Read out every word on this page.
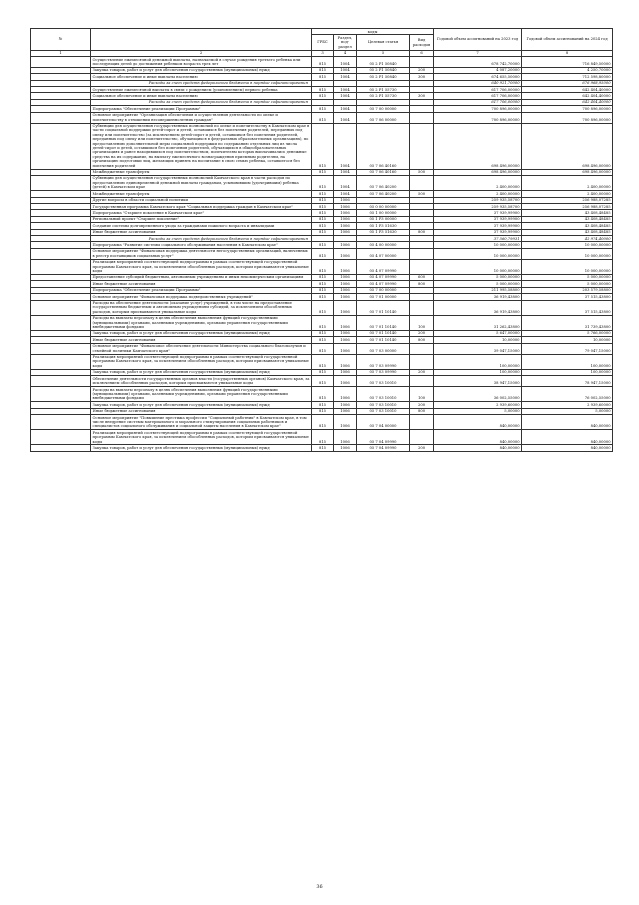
№		коды				Годовой объем ассигнований на 2023 год	Годовой объем ассигнований на 2024 год
		ГРБС	Раздел, под-раздел	Целевая статья	Вид расходов		
1	2	3	4	5	6	7	8
	Осуществление ежемесячной денежной выплаты, назначаемой в случае рождения третьего ребенка или последующих детей до достижения ребенком возраста трех лет	815	1004	05 2 P1 50840		678 742,70000	716 849,50000
	Закупка товаров, работ и услуг для обеспечения государственных (муниципальных) нужд	815	1004	05 2 P1 50840	200	4 087,20000	4 250,70000
	Социальное обеспечение и иные выплаты населению	815	1004	05 2 P1 50840	300	674 655,50000	712 598,80000
	Расходы за счет средств федерального бюджета в порядке софинансирования					640 921,70000	676 968,95000
	Осуществление ежемесячной выплаты в связи с рождением (усыновлением) первого ребенка	815	1004	05 2 P1 55730		617 706,00000	642 404,40000
	Социальное обеспечение и иные выплаты населению	815	1004	05 2 P1 55730	300	617 706,00000	642 404,40000
	Расходы за счет средств федерального бюджета в порядке софинансирования					617 706,00000	642 404,40000
	Подпрограмма "Обеспечение реализации Программы"	815	1004	05 7 00 00000		700 896,00000	700 896,00000
	Основное мероприятие "Организация обеспечения и осуществления деятельности по опеке и попечительству в отношении несовершеннолетних граждан"	815	1004	05 7 06 00000		700 896,00000	700 896,00000
	Субвенции для осуществления государственных полномочий по опеке и попечительству в Камчатском крае в части социальной поддержки детей-сирот и детей, оставшихся без попечения родителей, переданных под опеку или попечительство (за исключением детей-сирот и детей, оставшихся без попечения родителей, переданных под опеку или попечительство, обучающихся в федеральных образовательных организациях), по предоставлению дополнительной меры социальной поддержки по содержанию отдельных лиц из числа детей-сирот и детей, оставшихся без попечения родителей, обучающихся в общеобразовательных организациях и ранее находившихся под попечительством, попечителям которых выплачивались денежные средства на их содержание, на выплату ежемесячного вознаграждения приемным родителям, на организацию подготовки лиц, желающих принять на воспитание в свою семью ребенка, оставшегося без попечения родителей	815	1004	05 7 06 40160		698 496,00000	698 496,00000
	Межбюджетные трансферты	815	1004	05 7 06 40160	500	698 496,00000	698 496,00000
	Субвенции для осуществления государственных полномочий Камчатского края в части расходов по предоставлению единовременной денежной выплаты гражданам, усыновившим (удочерившим) ребенка (детей) в Камчатском крае	815	1004	05 7 06 40200		2 400,00000	2 400,00000
	Межбюджетные трансферты	815	1004	05 7 06 40200	500	2 400,00000	2 400,00000
	Другие вопросы в области социальной политики	815	1006			259 935,58700	256 988,07285
	Государственная программа Камчатского края "Социальная поддержка граждан в Камчатском крае"	815	1006	05 0 00 00000		259 935,58700	256 988,07285
	Подпрограмма "Старшее поколение в Камчатском крае"	815	1006	05 1 00 00000		37 939,99900	43 408,48485
	Региональный проект "Старшее поколение"	815	1006	05 1 P3 00000		37 939,99900	43 408,48485
	Создание системы долговременного ухода за гражданами пожилого возраста и инвалидами	815	1006	05 1 P3 51630		37 939,99900	43 408,48485
	Иные бюджетные ассигнования	815	1006	05 1 P3 51630	800	37 939,99900	43 408,48485
	Расходы за счет средств федерального бюджета в порядке софинансирования					37 560,79931	42 974,40000
	Подпрограмма "Развитие системы социального обслуживания населения в Камчатском крае"	815	1006	05 4 00 00000		10 000,00000	10 000,00000
	Основное мероприятие "Финансовая поддержка деятельности негосударственных организаций, включенных в реестр поставщиков социальных услуг"	815	1006	05 4 07 00000		10 000,00000	10 000,00000
	Реализация мероприятий соответствующей подпрограммы в рамках соответствующей государственной программы Камчатского края, за исключением обособленных расходов, которым присваиваются уникальные коды	815	1006	05 4 07 09990		10 000,00000	10 000,00000
	Предоставление субсидий бюджетным, автономным учреждениям и иным некоммерческим организациям	815	1006	05 4 07 09990	600	5 000,00000	5 000,00000
	Иные бюджетные ассигнования	815	1006	05 4 07 09990	800	5 000,00000	5 000,00000
	Подпрограмма "Обеспечение реализации Программы"	815	1006	05 7 00 00000		211 995,58800	203 579,58800
	Основное мероприятие "Финансовая поддержка подведомственных учреждений"	815	1006	05 7 01 00000		36 919,43800	37 515,43800
	Расходы на обеспечение деятельности (оказание услуг) учреждений, в том числе на предоставление государственным бюджетным и автономным учреждениям субсидий, за исключением обособленных расходов, которым присваиваются уникальные коды	815	1006	05 7 01 10140		36 919,43800	37 515,43800
	Расходы на выплаты персоналу в целях обеспечения выполнения функций государственными (муниципальными) органами, казенными учреждениями, органами управления государственными внебюджетными фондами	815	1006	05 7 01 10140	100	31 262,43800	31 739,43800
	Закупка товаров, работ и услуг для обеспечения государственных (муниципальных) нужд	815	1006	05 7 01 10140	200	5 647,00000	5 766,00000
	Иные бюджетные ассигнования	815	1006	05 7 01 10140	800	10,00000	10,00000
	Основное мероприятие "Финансовое обеспечение деятельности Министерства социального благополучия и семейной политики Камчатского края"	815	1006	05 7 03 00000		39 047,15000	79 047,15000
	Реализация мероприятий соответствующей подпрограммы в рамках соответствующей государственной программы Камчатского края, за исключением обособленных расходов, которым присваиваются уникальные коды	815	1006	05 7 03 09990		100,00000	100,00000
	Закупка товаров, работ и услуг для обеспечения государственных (муниципальных) нужд	815	1006	05 7 03 09990	200	100,00000	100,00000
	Обеспечение деятельности государственных органов власти (государственных органов) Камчатского края, за исключением обособленных расходов, которым присваиваются уникальные коды	815	1006	05 7 03 10010		38 947,15000	78 947,15000
	Расходы на выплаты персоналу в целях обеспечения выполнения функций государственными (муниципальными) органами, казенными учреждениями, органами управления государственными внебюджетными фондами	815	1006	05 7 03 10010	100	36 002,55000	76 002,55000
	Закупка товаров, работ и услуг для обеспечения государственных (муниципальных) нужд	815	1006	05 7 03 10010	200	2 939,60000	2 939,60000
	Иные бюджетные ассигнования	815	1006	05 7 03 10010	800	5,00000	5,00000
	Основное мероприятие "Повышение престижа профессии "Социальный работник" в Камчатском крае, в том числе внедрение системы материального и морального стимулирования социальных работников и специалистов социального обслуживания и социальной защиты населения в Камчатском крае"	815	1006	05 7 04 00000		840,00000	840,00000
	Реализация мероприятий соответствующей подпрограммы в рамках соответствующей государственной программы Камчатского края, за исключением обособленных расходов, которым присваиваются уникальные коды	815	1006	05 7 04 09990		840,00000	840,00000
	Закупка товаров, работ и услуг для обеспечения государственных (муниципальных) нужд	815	1006	05 7 04 09990	200	840,00000	840,00000
36
